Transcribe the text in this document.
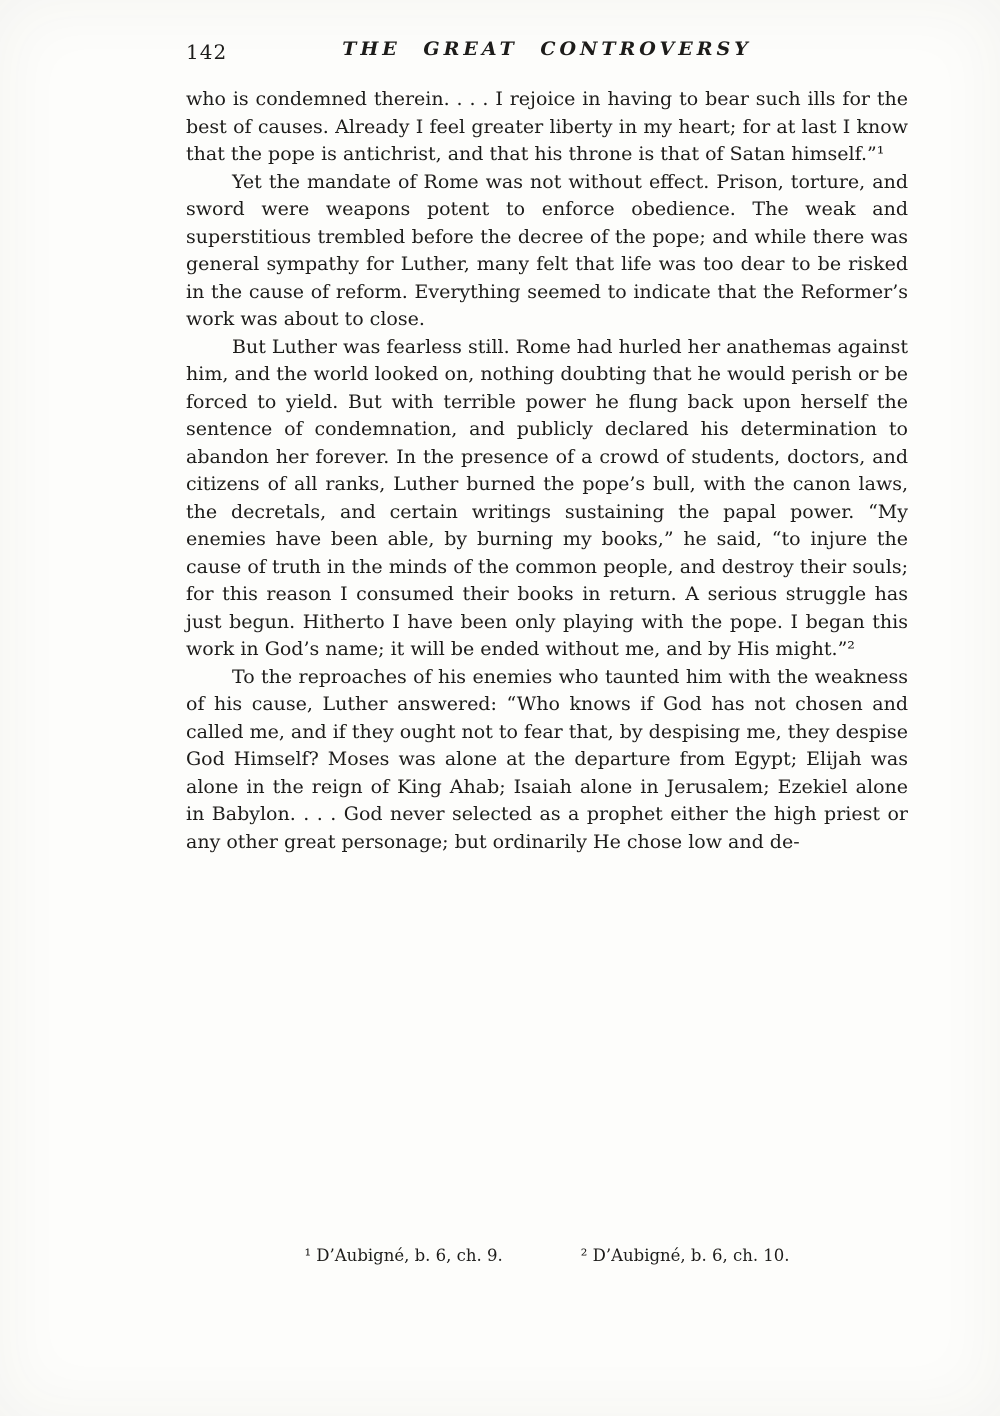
142	THE GREAT CONTROVERSY

who is condemned therein. . . . I rejoice in having to bear such ills for the best of causes. Already I feel greater liberty in my heart; for at last I know that the pope is antichrist, and that his throne is that of Satan himself.”¹

Yet the mandate of Rome was not without effect. Prison, torture, and sword were weapons potent to enforce obedience. The weak and superstitious trembled before the decree of the pope; and while there was general sympathy for Luther, many felt that life was too dear to be risked in the cause of reform. Everything seemed to indicate that the Reformer’s work was about to close.

But Luther was fearless still. Rome had hurled her anathemas against him, and the world looked on, nothing doubting that he would perish or be forced to yield. But with terrible power he flung back upon herself the sentence of condemnation, and publicly declared his determination to abandon her forever. In the presence of a crowd of students, doctors, and citizens of all ranks, Luther burned the pope’s bull, with the canon laws, the decretals, and certain writings sustaining the papal power. “My enemies have been able, by burning my books,” he said, “to injure the cause of truth in the minds of the common people, and destroy their souls; for this reason I consumed their books in return. A serious struggle has just begun. Hitherto I have been only playing with the pope. I began this work in God’s name; it will be ended without me, and by His might.”²

To the reproaches of his enemies who taunted him with the weakness of his cause, Luther answered: “Who knows if God has not chosen and called me, and if they ought not to fear that, by despising me, they despise God Himself? Moses was alone at the departure from Egypt; Elijah was alone in the reign of King Ahab; Isaiah alone in Jerusalem; Ezekiel alone in Babylon. . . . God never selected as a prophet either the high priest or any other great personage; but ordinarily He chose low and de-

¹ D’Aubigné, b. 6, ch. 9.	² D’Aubigné, b. 6, ch. 10.
